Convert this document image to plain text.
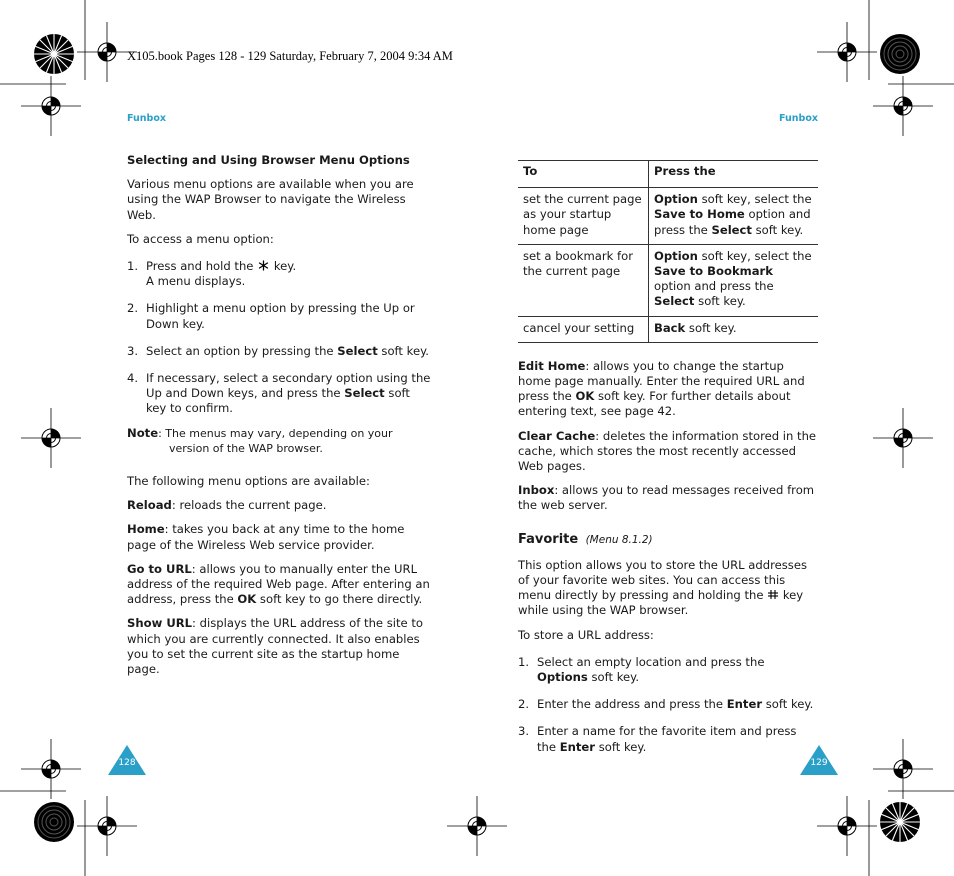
X105.book Pages 128 - 129 Saturday, February 7, 2004 9:34 AM
Funbox

Selecting and Using Browser Menu Options

Various menu options are available when you are using the WAP Browser to navigate the Wireless Web.

To access a menu option:

1. Press and hold the  key.

A menu displays.

2. Highlight a menu option by pressing the Up or Down key.

3. Select an option by pressing the Select soft key.

4. If necessary, select a secondary option using the Up and Down keys, and press the Select soft key to confirm.

Note: The menus may vary, depending on your

version of the WAP browser.

The following menu options are available:

Reload: reloads the current page.

Home: takes you back at any time to the home page of the Wireless Web service provider.

Go to URL: allows you to manually enter the URL address of the required Web page. After entering an address, press the OK soft key to go there directly.

Show URL: displays the URL address of the site to which you are currently connected. It also enables you to set the current site as the startup home page.

128
Funbox
To	Press the
set the current page as your startup home page	Option soft key, select the Save to Home option and press the Select soft key.
set a bookmark for the current page	Option soft key, select the Save to Bookmark option and press the Select soft key.
cancel your setting	Back soft key.

Edit Home: allows you to change the startup home page manually. Enter the required URL and press the OK soft key. For further details about entering text, see page 42.

Clear Cache: deletes the information stored in the cache, which stores the most recently accessed Web pages.

Inbox: allows you to read messages received from the web server.

Favorite (Menu 8.1.2)

This option allows you to store the URL addresses of your favorite web sites. You can access this menu directly by pressing and holding the  key while using the WAP browser.

To store a URL address:

1. Select an empty location and press the Options soft key.

2. Enter the address and press the Enter soft key.

3. Enter a name for the favorite item and press the Enter soft key.

129
